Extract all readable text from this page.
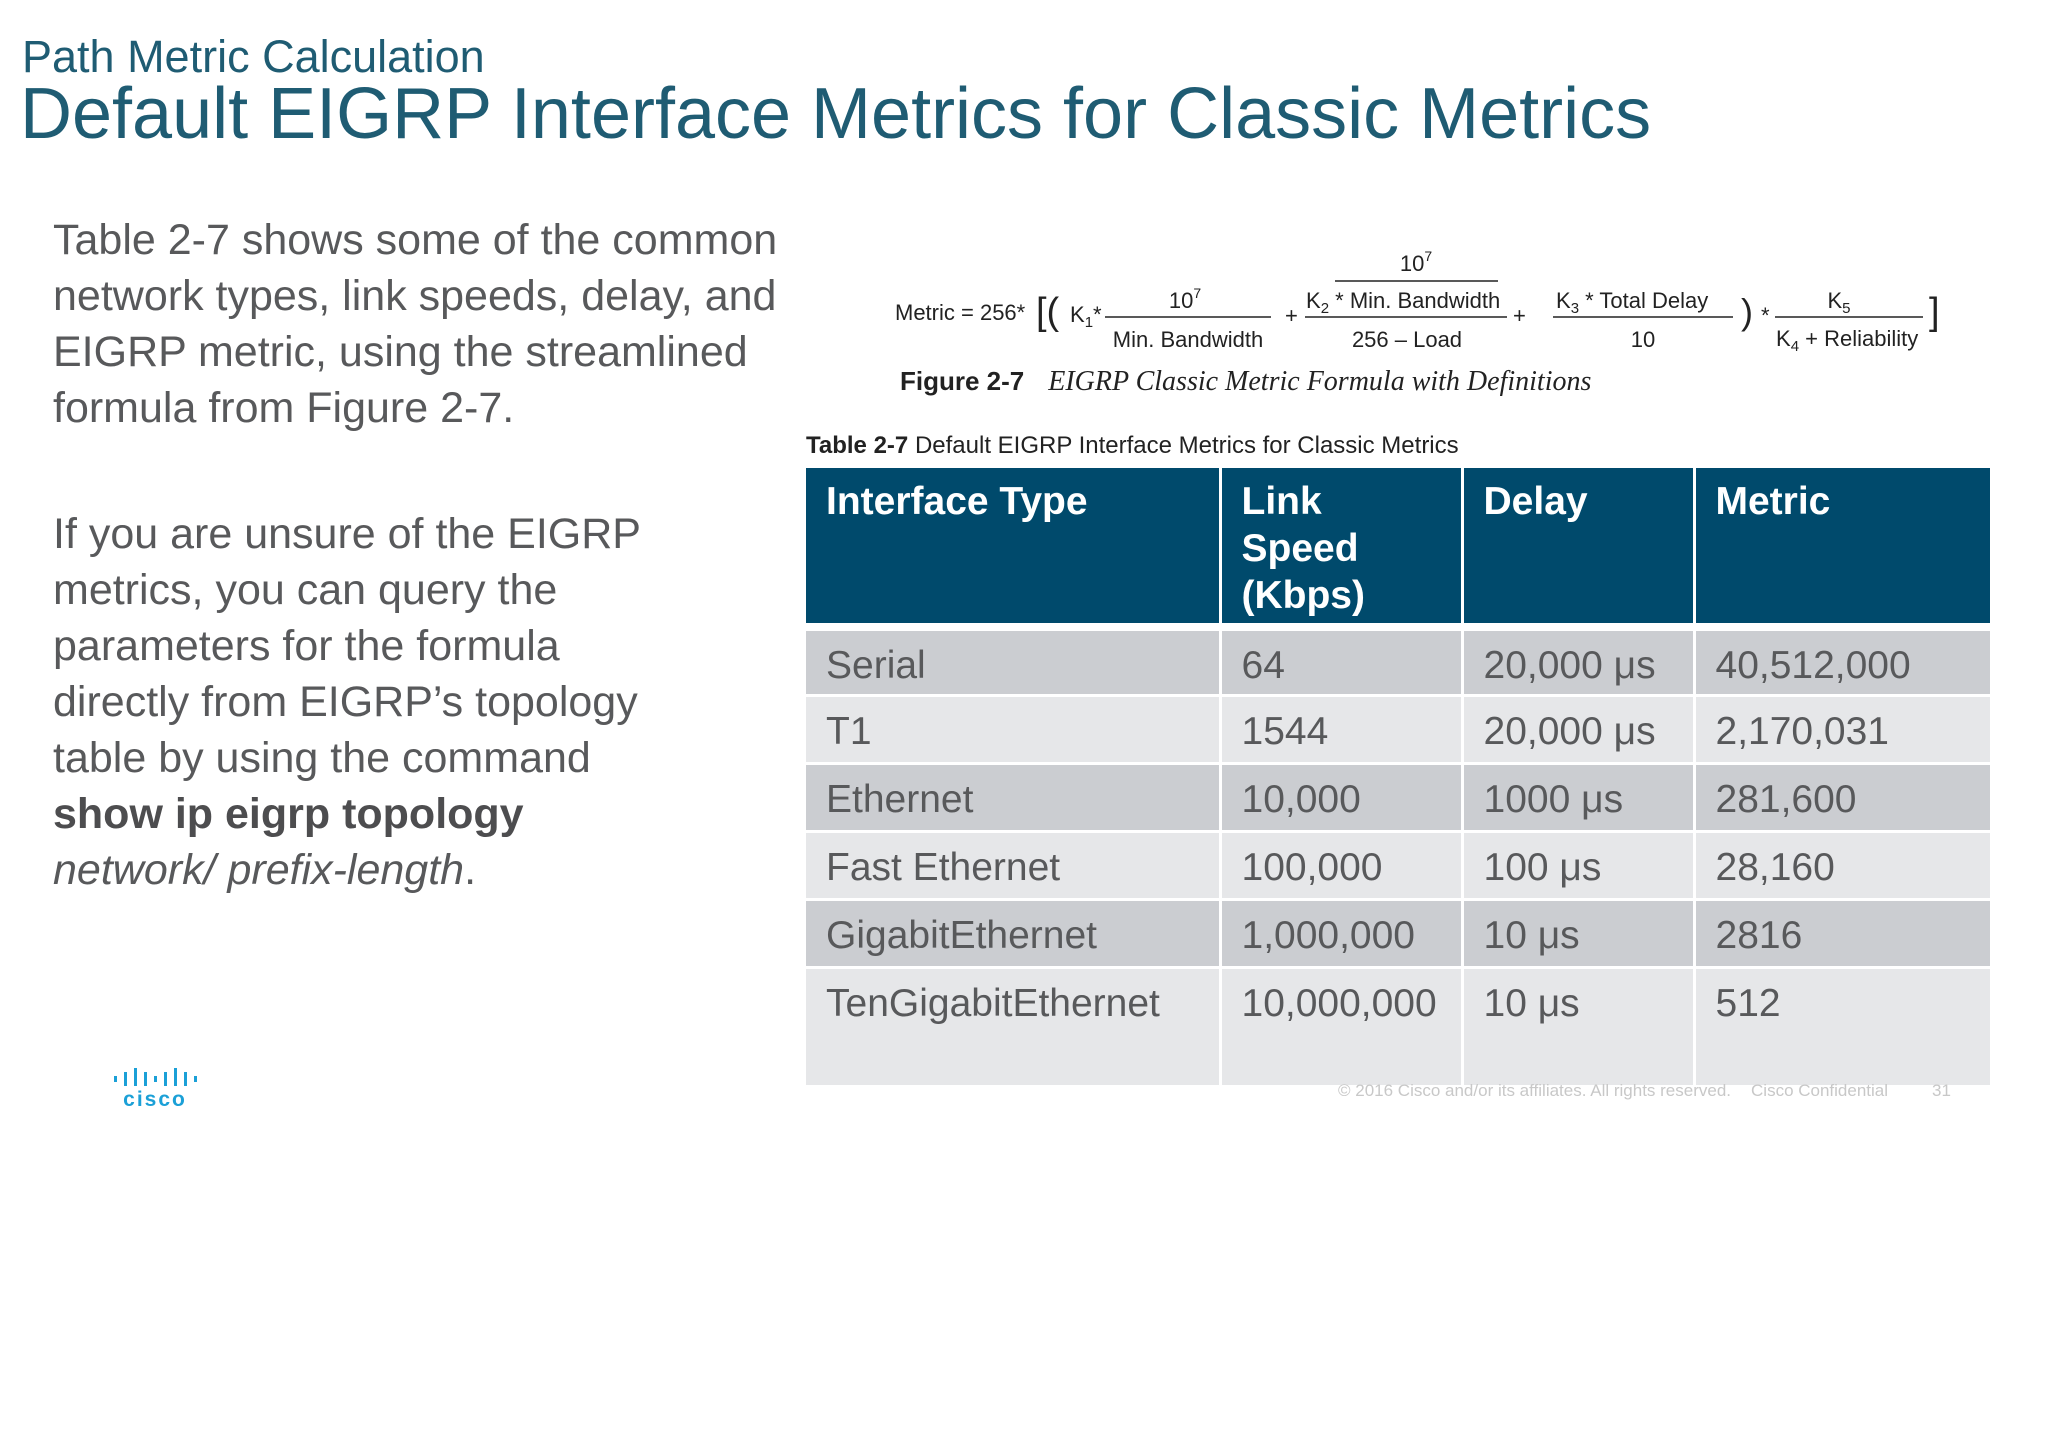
Path Metric Calculation
Default EIGRP Interface Metrics for Classic Metrics
Table 2-7 shows some of the common network types, link speeds, delay, and EIGRP metric, using the streamlined formula from Figure 2-7.
If you are unsure of the EIGRP metrics, you can query the parameters for the formula directly from EIGRP’s topology table by using the command show ip eigrp topology network/ prefix-length.
Metric = 256* [( $K_1*$
$10^7$
Min. Bandwidth
+
$10^7$
$K_2$ * Min. Bandwidth
256 – Load
+
$K_3$ * Total Delay
10
) *
$K_5$
$K_4$ + Reliability
]
Figure 2-7 EIGRP Classic Metric Formula with Definitions
Table 2-7 Default EIGRP Interface Metrics for Classic Metrics
Interface Type	Link Speed (Kbps)	Delay	Metric
Serial	64	20,000 μs	40,512,000
T1	1544	20,000 μs	2,170,031
Ethernet	10,000	1000 μs	281,600
Fast Ethernet	100,000	100 μs	28,160
GigabitEthernet	1,000,000	10 μs	2816
TenGigabitEthernet	10,000,000	10 μs	512
© 2016 Cisco and/or its affiliates. All rights reserved. Cisco Confidential	31
cisco
